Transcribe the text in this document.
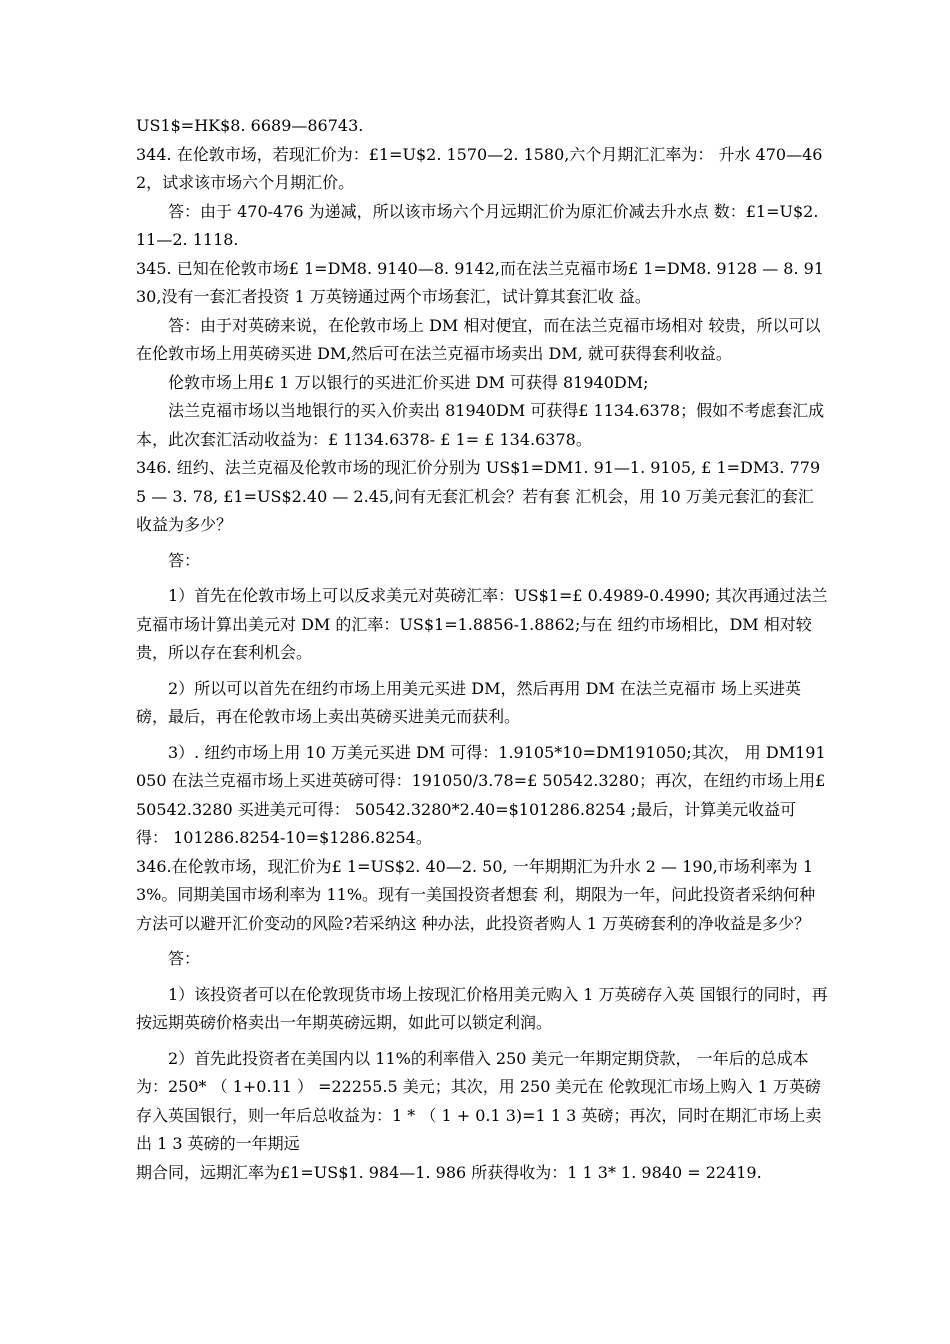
US1$=HK$8. 6689—86743.

344. 在伦敦市场，若现汇价为：£1=U$2. 1570—2. 1580,六个月期汇汇率为： 升水 470—462，试求该市场六个月期汇价。

答：由于 470-476 为递减，所以该市场六个月远期汇价为原汇价减去升水点 数：£1=U$2. 11—2. 1118.

345. 已知在伦敦市场£ 1=DM8. 9140—8. 9142,而在法兰克福市场£ 1=DM8. 9128 — 8. 9130,没有一套汇者投资 1 万英镑通过两个市场套汇，试计算其套汇收 益。

答：由于对英磅来说，在伦敦市场上 DM 相对便宜，而在法兰克福市场相对 较贵，所以可以在伦敦市场上用英磅买进 DM,然后可在法兰克福市场卖出 DM, 就可获得套利收益。

伦敦市场上用£ 1 万以银行的买进汇价买进 DM 可获得 81940DM;

法兰克福市场以当地银行的买入价卖出 81940DM 可获得£ 1134.6378；假如不考虑套汇成本，此次套汇活动收益为：£ 1134.6378- £ 1= £ 134.6378。

346. 纽约、法兰克福及伦敦市场的现汇价分别为 US$1=DM1. 91—1. 9105, £ 1=DM3. 7795 — 3. 78, £1=US$2.40 — 2.45,问有无套汇机会？若有套 汇机会，用 10 万美元套汇的套汇收益为多少？

答：

1）首先在伦敦市场上可以反求美元对英磅汇率：US$1=£ 0.4989-0.4990; 其次再通过法兰克福市场计算出美元对 DM 的汇率：US$1=1.8856-1.8862;与在 纽约市场相比，DM 相对较贵，所以存在套利机会。

2）所以可以首先在纽约市场上用美元买进 DM，然后再用 DM 在法兰克福市 场上买进英磅，最后，再在伦敦市场上卖出英磅买进美元而获利。

3）. 纽约市场上用 10 万美元买进 DM 可得：1.9105*10=DM191050;其次， 用 DM191050 在法兰克福市场上买进英磅可得：191050/3.78=£ 50542.3280；再次，在纽约市场上用£ 50542.3280 买进美元可得： 50542.3280*2.40=$101286.8254 ;最后，计算美元收益可得： 101286.8254-10=$1286.8254。

346.在伦敦市场，现汇价为£ 1=US$2. 40—2. 50, 一年期期汇为升水 2 — 190,市场利率为 13%。同期美国市场利率为 11%。现有一美国投资者想套 利，期限为一年，问此投资者采纳何种方法可以避开汇价变动的风险?若采纳这 种办法，此投资者购人 1 万英磅套利的净收益是多少？

答：

1）该投资者可以在伦敦现货市场上按现汇价格用美元购入 1 万英磅存入英 国银行的同时，再按远期英磅价格卖出一年期英磅远期，如此可以锁定利润。

2）首先此投资者在美国内以 11%的利率借入 250 美元一年期定期贷款， 一年后的总成本为：250* （ 1+0.11 ） =22255.5 美元；其次，用 250 美元在 伦敦现汇市场上购入 1 万英磅存入英国银行，则一年后总收益为：1 * （ 1 + 0.1 3)=1 1 3 英磅；再次，同时在期汇市场上卖出 1 3 英磅的一年期远

期合同，远期汇率为£1=US$1. 984—1. 986 所获得收为：1 1 3* 1. 9840 = 22419.
